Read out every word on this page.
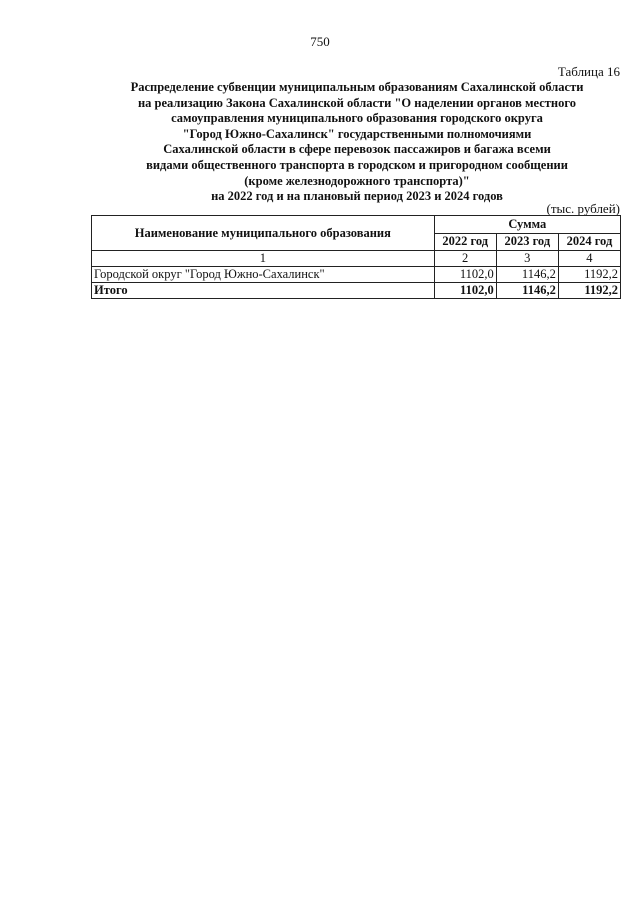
750
Таблица 16
Распределение субвенции муниципальным образованиям Сахалинской области
на реализацию Закона Сахалинской области "О наделении органов местного
самоуправления муниципального образования городского округа
"Город Южно-Сахалинск" государственными полномочиями
Сахалинской области в сфере перевозок пассажиров и багажа всеми
видами общественного транспорта в городском и пригородном сообщении
(кроме железнодорожного транспорта)"
на 2022 год и на плановый период 2023 и 2024 годов
(тыс. рублей)
Наименование муниципального образования	Сумма		
	2022 год	2023 год	2024 год
1	2	3	4
Городской округ "Город Южно-Сахалинск"	1102,0	1146,2	1192,2
Итого	1102,0	1146,2	1192,2
